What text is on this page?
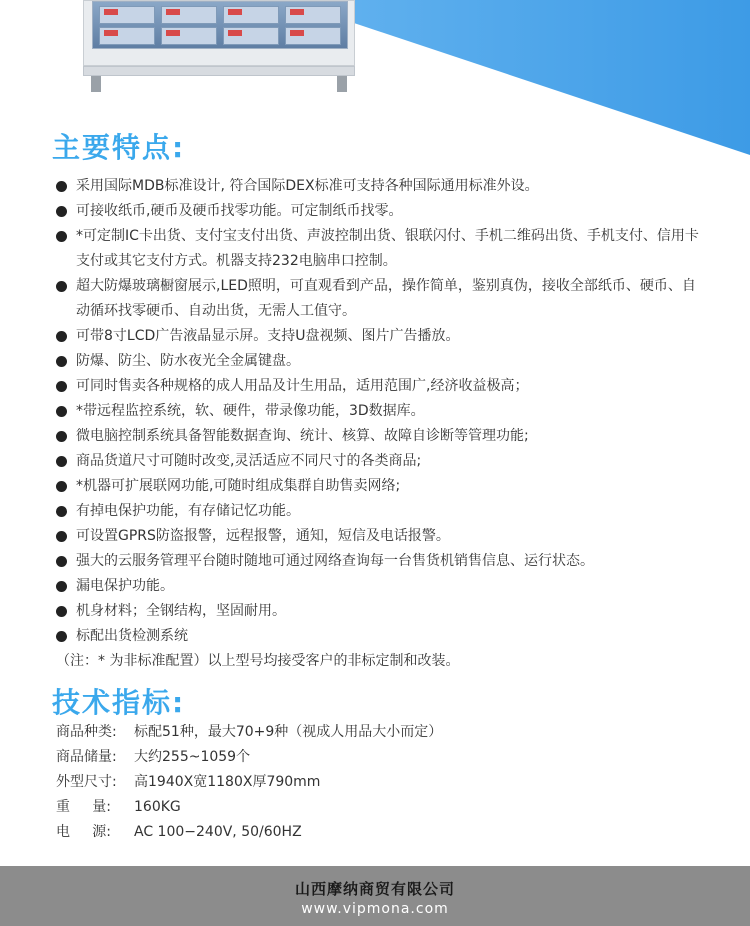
主要特点:
采用国际MDB标准设计, 符合国际DEX标准可支持各种国际通用标准外设。
可接收纸币,硬币及硬币找零功能。可定制纸币找零。
*可定制IC卡出货、支付宝支付出货、声波控制出货、银联闪付、手机二维码出货、手机支付、信用卡支付或其它支付方式。机器支持232电脑串口控制。
超大防爆玻璃橱窗展示,LED照明，可直观看到产品，操作简单，鉴别真伪，接收全部纸币、硬币、自动循环找零硬币、自动出货，无需人工值守。
可带8寸LCD广告液晶显示屏。支持U盘视频、图片广告播放。
防爆、防尘、防水夜光全金属键盘。
可同时售卖各种规格的成人用品及计生用品，适用范围广,经济收益极高；
*带远程监控系统，软、硬件，带录像功能，3D数据库。
微电脑控制系统具备智能数据查询、统计、核算、故障自诊断等管理功能;
商品货道尺寸可随时改变,灵活适应不同尺寸的各类商品;
*机器可扩展联网功能,可随时组成集群自助售卖网络;
有掉电保护功能，有存储记忆功能。
可设置GPRS防盗报警，远程报警，通知，短信及电话报警。
强大的云服务管理平台随时随地可通过网络查询每一台售货机销售信息、运行状态。
漏电保护功能。
机身材料；全钢结构，坚固耐用。
标配出货检测系统
（注：* 为非标准配置）以上型号均接受客户的非标定制和改装。
技术指标:
商品种类:	标配51种，最大70+9种（视成人用品大小而定）
商品储量:	大约255~1059个
外型尺寸:	高1940X宽1180X厚790mm
重     量:	160KG
电     源:	AC 100−240V, 50/60HZ
山西摩纳商贸有限公司
www.vipmona.com
